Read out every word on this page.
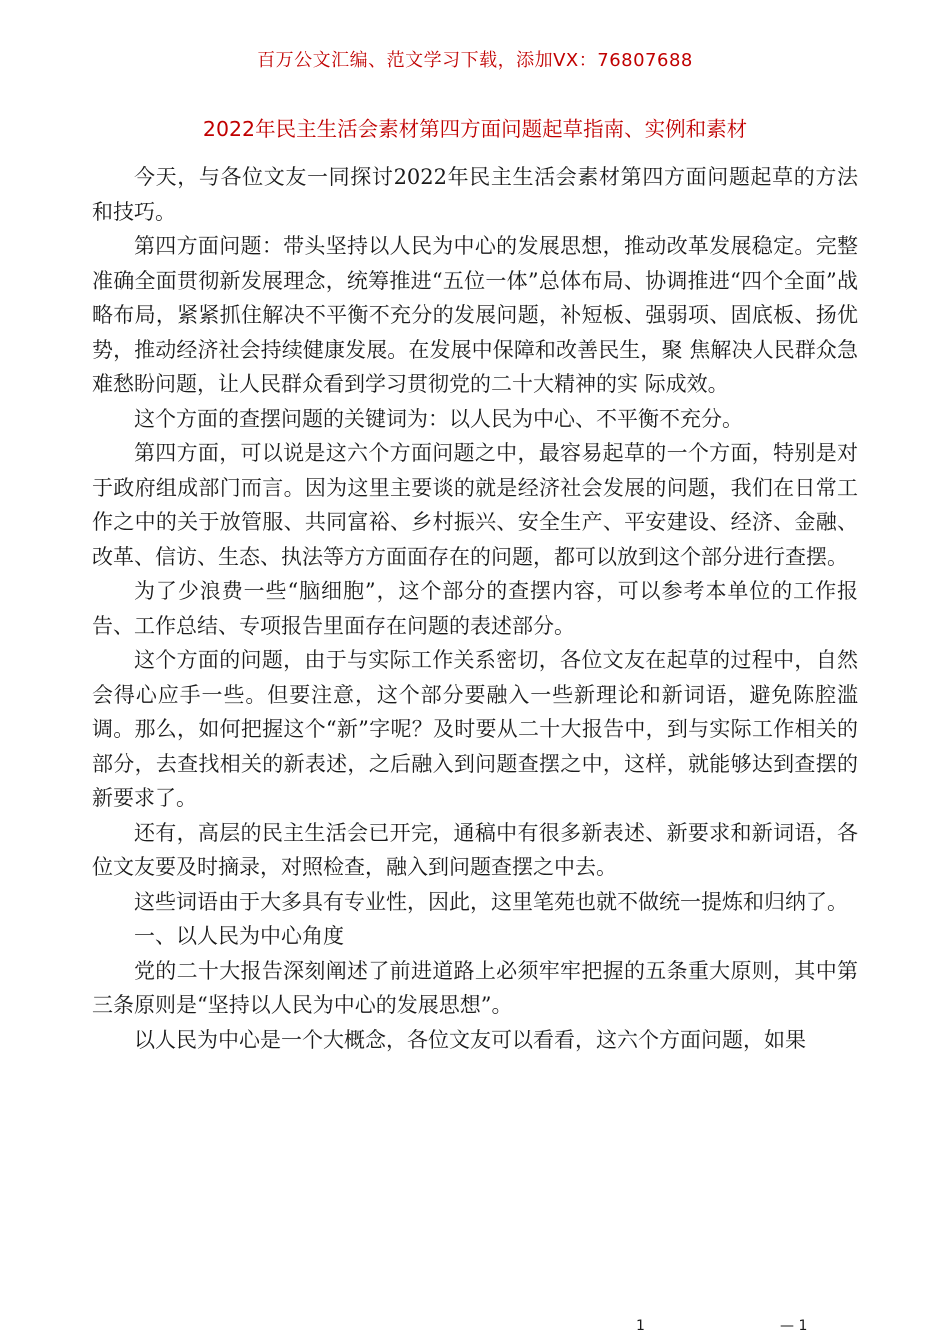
百万公文汇编、范文学习下载，添加VX：76807688
2022年民主生活会素材第四方面问题起草指南、实例和素材

今天，与各位文友一同探讨2022年民主生活会素材第四方面问题起草的方法和技巧。

第四方面问题：带头坚持以人民为中心的发展思想，推动改革发展稳定。完整准确全面贯彻新发展理念，统筹推进“五位一体”总体布局、协调推进“四个全面”战略布局，紧紧抓住解决不平衡不充分的发展问题，补短板、强弱项、固底板、扬优势，推动经济社会持续健康发展。在发展中保障和改善民生，聚 焦解决人民群众急难愁盼问题，让人民群众看到学习贯彻党的二十大精神的实 际成效。

这个方面的查摆问题的关键词为：以人民为中心、不平衡不充分。

第四方面，可以说是这六个方面问题之中，最容易起草的一个方面，特别是对于政府组成部门而言。因为这里主要谈的就是经济社会发展的问题，我们在日常工作之中的关于放管服、共同富裕、乡村振兴、安全生产、平安建设、经济、金融、改革、信访、生态、执法等方方面面存在的问题，都可以放到这个部分进行查摆。

为了少浪费一些“脑细胞”，这个部分的查摆内容，可以参考本单位的工作报告、工作总结、专项报告里面存在问题的表述部分。

这个方面的问题，由于与实际工作关系密切，各位文友在起草的过程中，自然会得心应手一些。但要注意，这个部分要融入一些新理论和新词语，避免陈腔滥调。那么，如何把握这个“新”字呢？及时要从二十大报告中，到与实际工作相关的部分，去查找相关的新表述，之后融入到问题查摆之中，这样，就能够达到查摆的新要求了。

还有，高层的民主生活会已开完，通稿中有很多新表述、新要求和新词语，各位文友要及时摘录，对照检查，融入到问题查摆之中去。

这些词语由于大多具有专业性，因此，这里笔苑也就不做统一提炼和归纳了。

一、以人民为中心角度

党的二十大报告深刻阐述了前进道路上必须牢牢把握的五条重大原则，其中第三条原则是“坚持以人民为中心的发展思想”。

以人民为中心是一个大概念，各位文友可以看看，这六个方面问题，如果

1	— 1
